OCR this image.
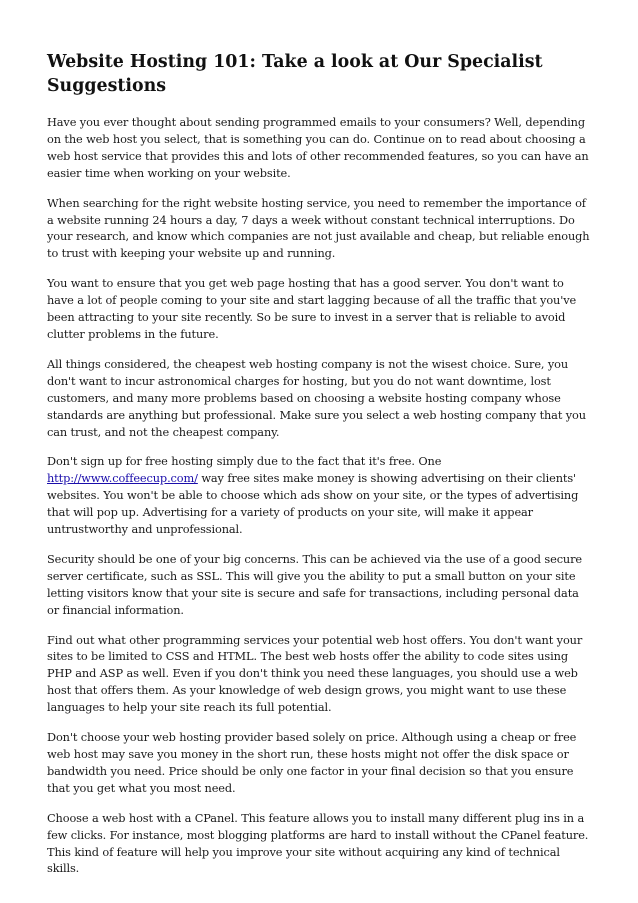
Website Hosting 101: Take a look at Our Specialist Suggestions

Have you ever thought about sending programmed emails to your consumers? Well, depending on the web host you select, that is something you can do. Continue on to read about choosing a web host service that provides this and lots of other recommended features, so you can have an easier time when working on your website.

When searching for the right website hosting service, you need to remember the importance of a website running 24 hours a day, 7 days a week without constant technical interruptions. Do your research, and know which companies are not just available and cheap, but reliable enough to trust with keeping your website up and running.

You want to ensure that you get web page hosting that has a good server. You don't want to have a lot of people coming to your site and start lagging because of all the traffic that you've been attracting to your site recently. So be sure to invest in a server that is reliable to avoid clutter problems in the future.

All things considered, the cheapest web hosting company is not the wisest choice. Sure, you don't want to incur astronomical charges for hosting, but you do not want downtime, lost customers, and many more problems based on choosing a website hosting company whose standards are anything but professional. Make sure you select a web hosting company that you can trust, and not the cheapest company.

Don't sign up for free hosting simply due to the fact that it's free. One http://www.coffeecup.com/ way free sites make money is showing advertising on their clients' websites. You won't be able to choose which ads show on your site, or the types of advertising that will pop up. Advertising for a variety of products on your site, will make it appear untrustworthy and unprofessional.

Security should be one of your big concerns. This can be achieved via the use of a good secure server certificate, such as SSL. This will give you the ability to put a small button on your site letting visitors know that your site is secure and safe for transactions, including personal data or financial information.

Find out what other programming services your potential web host offers. You don't want your sites to be limited to CSS and HTML. The best web hosts offer the ability to code sites using PHP and ASP as well. Even if you don't think you need these languages, you should use a web host that offers them. As your knowledge of web design grows, you might want to use these languages to help your site reach its full potential.

Don't choose your web hosting provider based solely on price. Although using a cheap or free web host may save you money in the short run, these hosts might not offer the disk space or bandwidth you need. Price should be only one factor in your final decision so that you ensure that you get what you most need.

Choose a web host with a CPanel. This feature allows you to install many different plug ins in a few clicks. For instance, most blogging platforms are hard to install without the CPanel feature. This kind of feature will help you improve your site without acquiring any kind of technical skills.
